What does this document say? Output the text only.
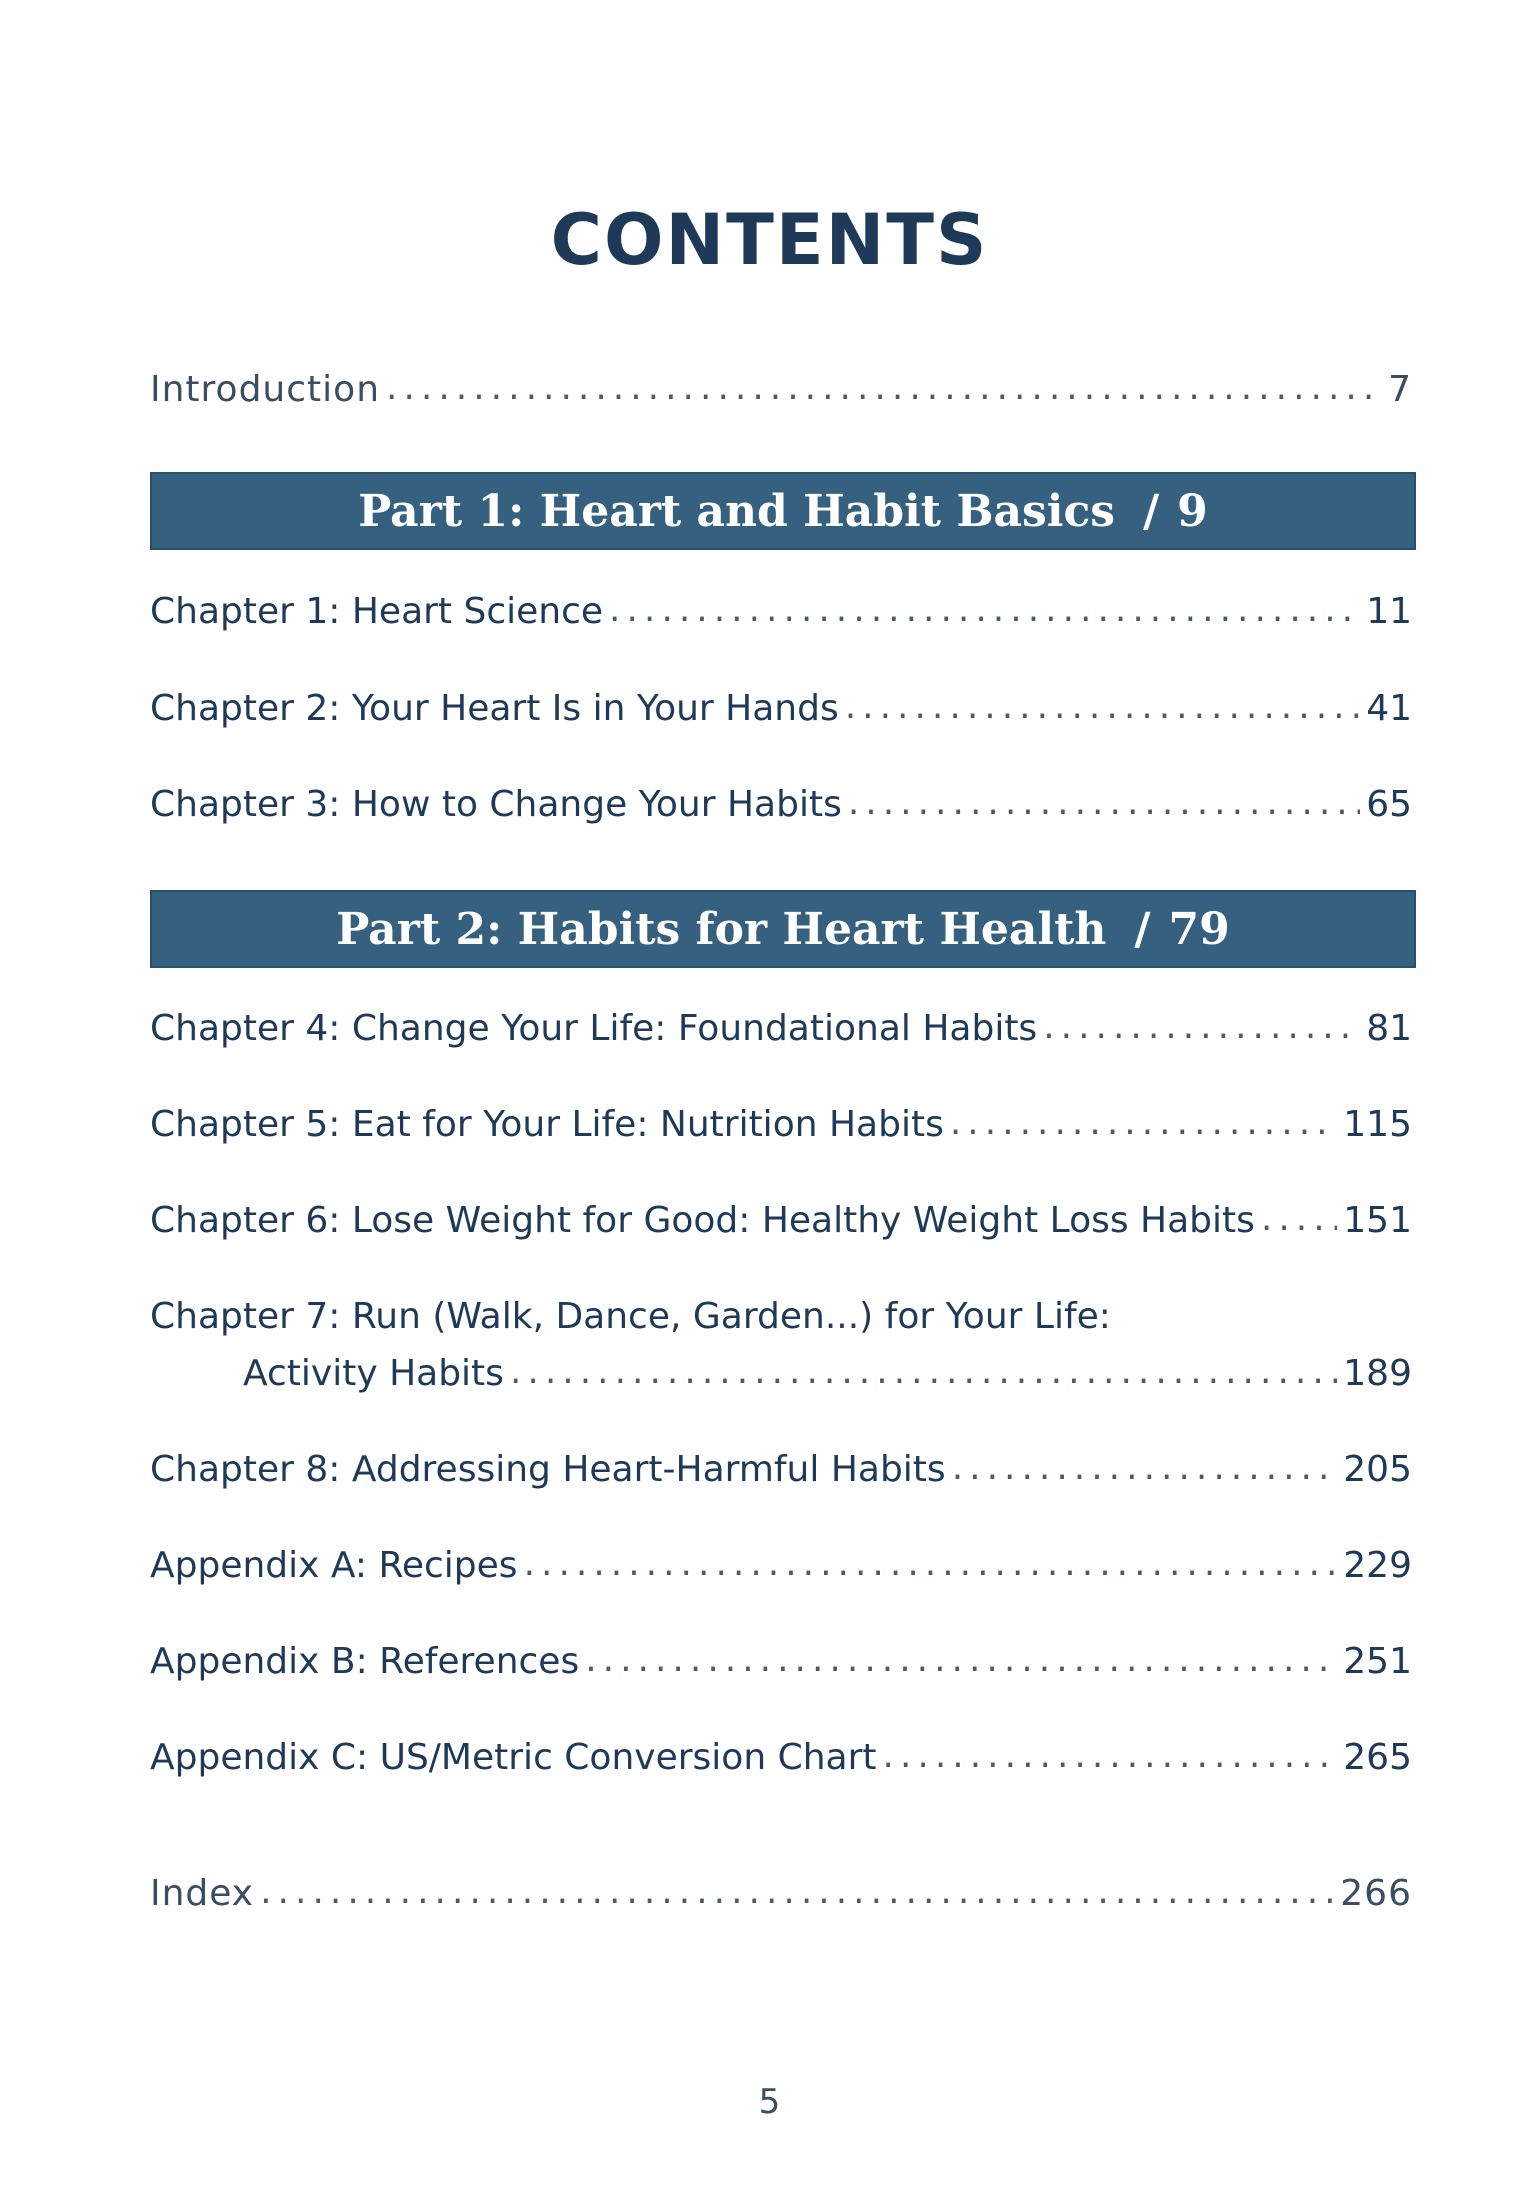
CONTENTS
Introduction .....	7
Part 1: Heart and Habit Basics / 9
Chapter 1: Heart Science .....	11
Chapter 2: Your Heart Is in Your Hands .....	41
Chapter 3: How to Change Your Habits .....	65
Part 2: Habits for Heart Health / 79
Chapter 4: Change Your Life: Foundational Habits .....	81
Chapter 5: Eat for Your Life: Nutrition Habits .....	115
Chapter 6: Lose Weight for Good: Healthy Weight Loss Habits ..... 151
Chapter 7: Run (Walk, Dance, Garden...) for Your Life:
Activity Habits .....	189
Chapter 8: Addressing Heart-Harmful Habits .....	205
Appendix A: Recipes .....	229
Appendix B: References .....	251
Appendix C: US/Metric Conversion Chart .....	265
Index .....	266
5
